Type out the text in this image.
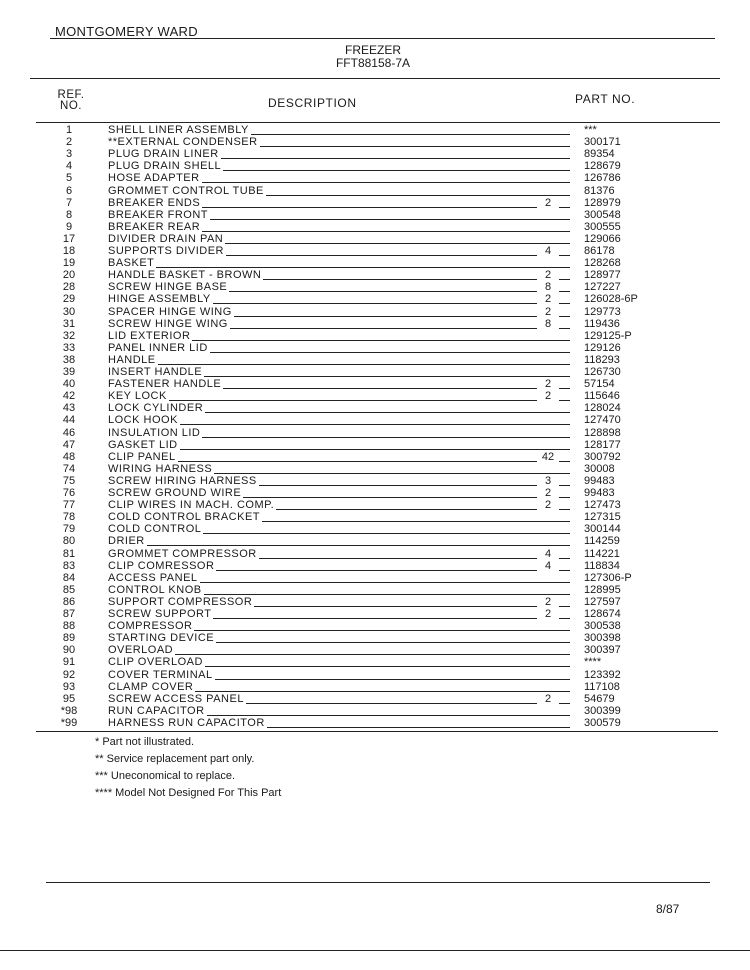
MONTGOMERY WARD
FREEZER
FFT88158-7A
REF.
NO.	DESCRIPTION	PART NO.
1	SHELL LINER ASSEMBLY	***
2	**EXTERNAL CONDENSER	300171
3	PLUG DRAIN LINER	89354
4	PLUG DRAIN SHELL	128679
5	HOSE ADAPTER	126786
6	GROMMET CONTROL TUBE	81376
7	BREAKER ENDS	2	128979
8	BREAKER FRONT	300548
9	BREAKER REAR	300555
17	DIVIDER DRAIN PAN	129066
18	SUPPORTS DIVIDER	4	86178
19	BASKET	128268
20	HANDLE BASKET - BROWN	2	128977
28	SCREW HINGE BASE	8	127227
29	HINGE ASSEMBLY	2	126028-6P
30	SPACER HINGE WING	2	129773
31	SCREW HINGE WING	8	119436
32	LID EXTERIOR	129125-P
33	PANEL INNER LID	129126
38	HANDLE	118293
39	INSERT HANDLE	126730
40	FASTENER HANDLE	2	57154
42	KEY LOCK	2	115646
43	LOCK CYLINDER	128024
44	LOCK HOOK	127470
46	INSULATION LID	128898
47	GASKET LID	128177
48	CLIP PANEL	42	300792
74	WIRING HARNESS	30008
75	SCREW HIRING HARNESS	3	99483
76	SCREW GROUND WIRE	2	99483
77	CLIP WIRES IN MACH. COMP.	2	127473
78	COLD CONTROL BRACKET	127315
79	COLD CONTROL	300144
80	DRIER	114259
81	GROMMET COMPRESSOR	4	114221
83	CLIP COMRESSOR	4	118834
84	ACCESS PANEL	127306-P
85	CONTROL KNOB	128995
86	SUPPORT COMPRESSOR	2	127597
87	SCREW SUPPORT	2	128674
88	COMPRESSOR	300538
89	STARTING DEVICE	300398
90	OVERLOAD	300397
91	CLIP OVERLOAD	****
92	COVER TERMINAL	123392
93	CLAMP COVER	117108
95	SCREW ACCESS PANEL	2	54679
*98	RUN CAPACITOR	300399
*99	HARNESS RUN CAPACITOR	300579
* Part not illustrated.
** Service replacement part only.
*** Uneconomical to replace.
**** Model Not Designed For This Part
8/87
